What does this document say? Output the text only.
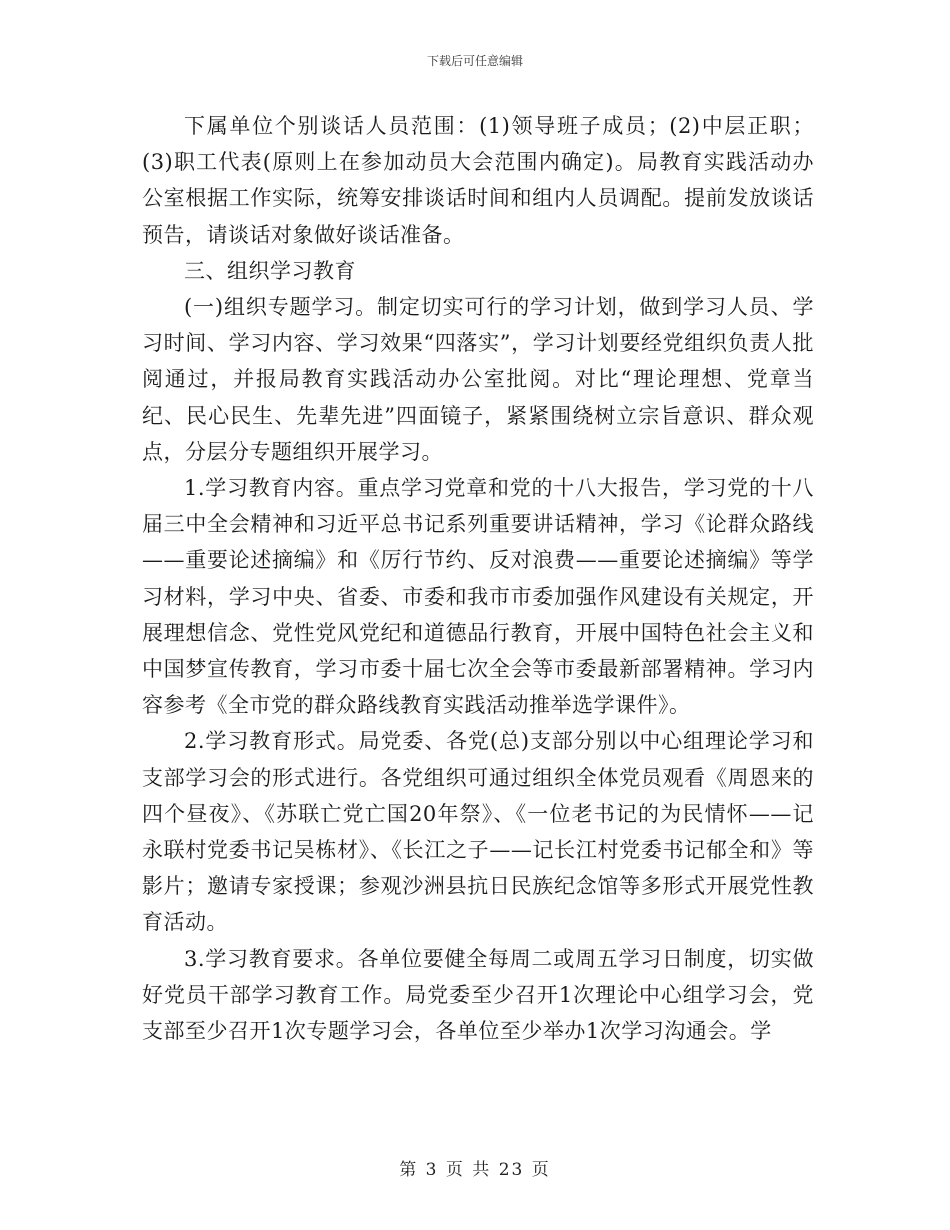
下载后可任意编辑

下属单位个别谈话人员范围：(1)领导班子成员；(2)中层正职；(3)职工代表(原则上在参加动员大会范围内确定)。局教育实践活动办公室根据工作实际，统筹安排谈话时间和组内人员调配。提前发放谈话预告，请谈话对象做好谈话准备。

三、组织学习教育

(一)组织专题学习。制定切实可行的学习计划，做到学习人员、学习时间、学习内容、学习效果“四落实”，学习计划要经党组织负责人批阅通过，并报局教育实践活动办公室批阅。对比“理论理想、党章当纪、民心民生、先辈先进”四面镜子，紧紧围绕树立宗旨意识、群众观点，分层分专题组织开展学习。

1.学习教育内容。重点学习党章和党的十八大报告，学习党的十八届三中全会精神和习近平总书记系列重要讲话精神，学习《论群众路线——重要论述摘编》和《厉行节约、反对浪费——重要论述摘编》等学习材料，学习中央、省委、市委和我市市委加强作风建设有关规定，开展理想信念、党性党风党纪和道德品行教育，开展中国特色社会主义和中国梦宣传教育，学习市委十届七次全会等市委最新部署精神。学习内容参考《全市党的群众路线教育实践活动推举选学课件》。

2.学习教育形式。局党委、各党(总)支部分别以中心组理论学习和支部学习会的形式进行。各党组织可通过组织全体党员观看《周恩来的四个昼夜》、《苏联亡党亡国20年祭》、《一位老书记的为民情怀——记永联村党委书记吴栋材》、《长江之子——记长江村党委书记郁全和》等影片；邀请专家授课；参观沙洲县抗日民族纪念馆等多形式开展党性教育活动。

3.学习教育要求。各单位要健全每周二或周五学习日制度，切实做好党员干部学习教育工作。局党委至少召开1次理论中心组学习会，党支部至少召开1次专题学习会，各单位至少举办1次学习沟通会。学

第 3 页 共 23 页
